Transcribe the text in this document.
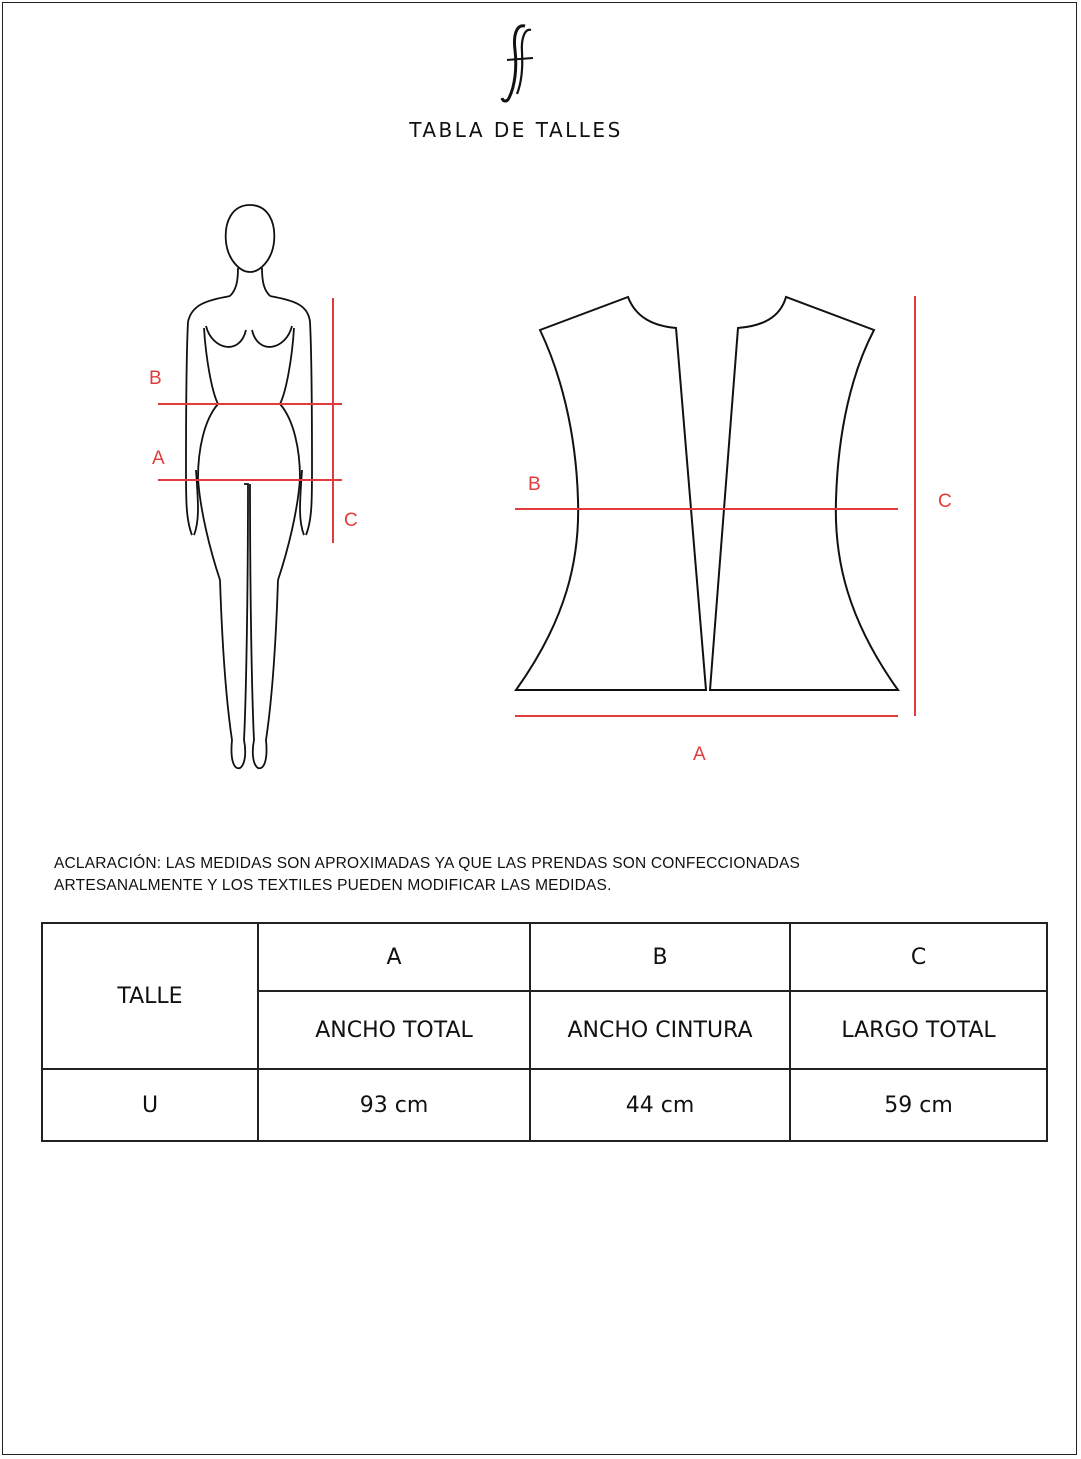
TABLA DE TALLES
B
A
C
B
C
A
ACLARACIÓN: LAS MEDIDAS SON APROXIMADAS YA QUE LAS PRENDAS SON CONFECCIONADAS
ARTESANALMENTE Y LOS TEXTILES PUEDEN MODIFICAR LAS MEDIDAS.
TALLE	A	B	C
	ANCHO TOTAL	ANCHO CINTURA	LARGO TOTAL
U	93 cm	44 cm	59 cm
